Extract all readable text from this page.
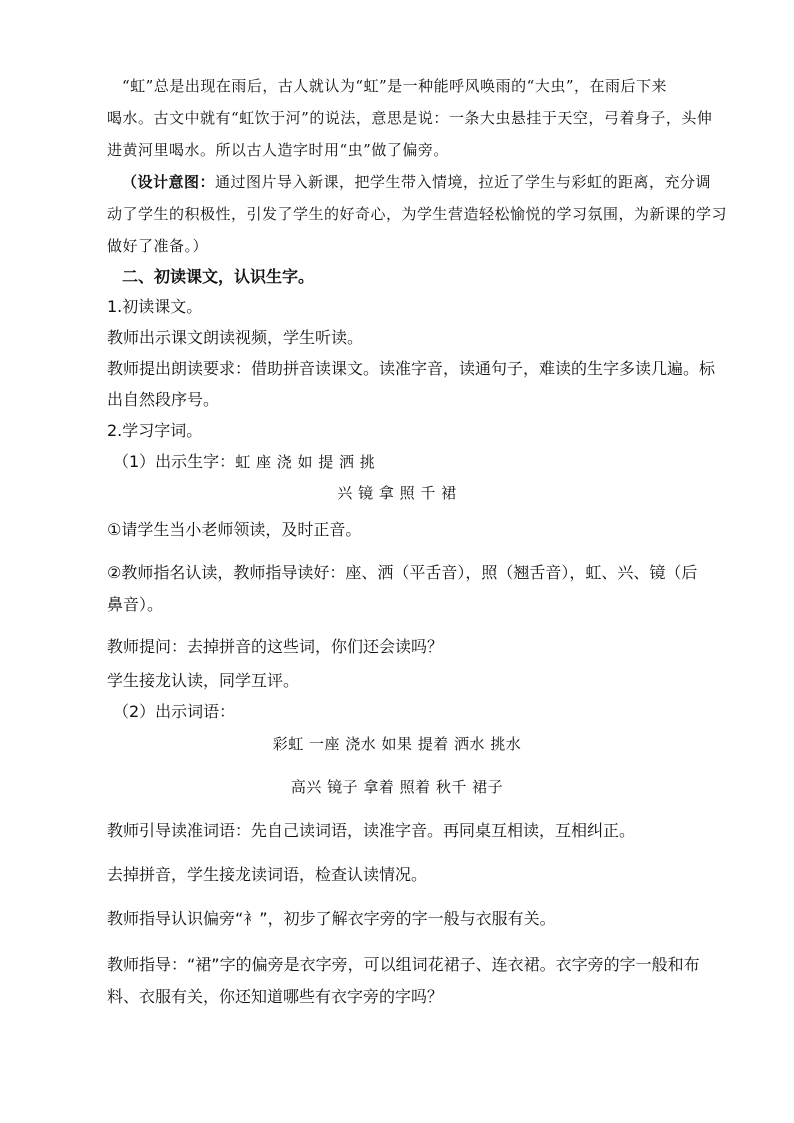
“虹”总是出现在雨后，古人就认为“虹”是一种能呼风唤雨的“大虫”，在雨后下来
喝水。古文中就有“虹饮于河”的说法，意思是说：一条大虫悬挂于天空，弓着身子，头伸
进黄河里喝水。所以古人造字时用“虫”做了偏旁。
（设计意图：通过图片导入新课，把学生带入情境，拉近了学生与彩虹的距离，充分调
动了学生的积极性，引发了学生的好奇心，为学生营造轻松愉悦的学习氛围，为新课的学习
做好了准备。）
二、初读课文，认识生字。
1.初读课文。
教师出示课文朗读视频，学生听读。
教师提出朗读要求：借助拼音读课文。读准字音，读通句子，难读的生字多读几遍。标
出自然段序号。
2.学习字词。
（1）出示生字：虹 座 浇 如 提 洒 挑
兴 镜 拿 照 千 裙
①请学生当小老师领读，及时正音。
②教师指名认读，教师指导读好：座、洒（平舌音），照（翘舌音），虹、兴、镜（后
鼻音）。
教师提问：去掉拼音的这些词，你们还会读吗？
学生接龙认读，同学互评。
（2）出示词语：
彩虹 一座 浇水 如果 提着 洒水 挑水
高兴 镜子 拿着 照着 秋千 裙子
教师引导读准词语：先自己读词语，读准字音。再同桌互相读，互相纠正。
去掉拼音，学生接龙读词语，检查认读情况。
教师指导认识偏旁“衤”，初步了解衣字旁的字一般与衣服有关。
教师指导：“裙”字的偏旁是衣字旁，可以组词花裙子、连衣裙。衣字旁的字一般和布
料、衣服有关，你还知道哪些有衣字旁的字吗？
